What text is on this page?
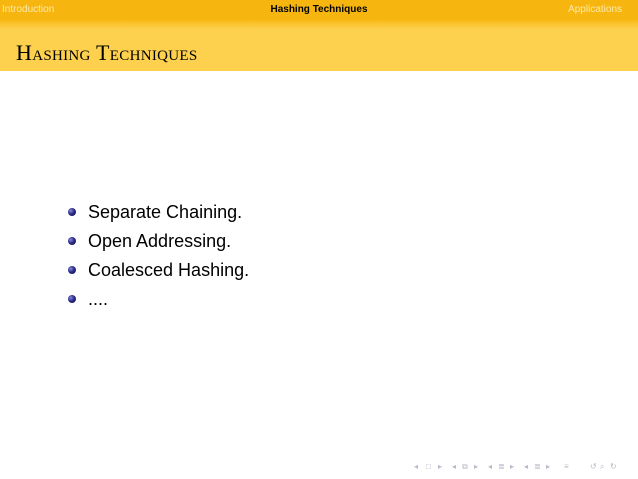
Introduction	Hashing Techniques	Applications
Hashing Techniques
Separate Chaining.
Open Addressing.
Coalesced Hashing.
....
◂ □ ▸ ◂ ⧉ ▸ ◂ ≣ ▸ ◂ ≣ ▸ ≡	↺ ⌕ ↻
